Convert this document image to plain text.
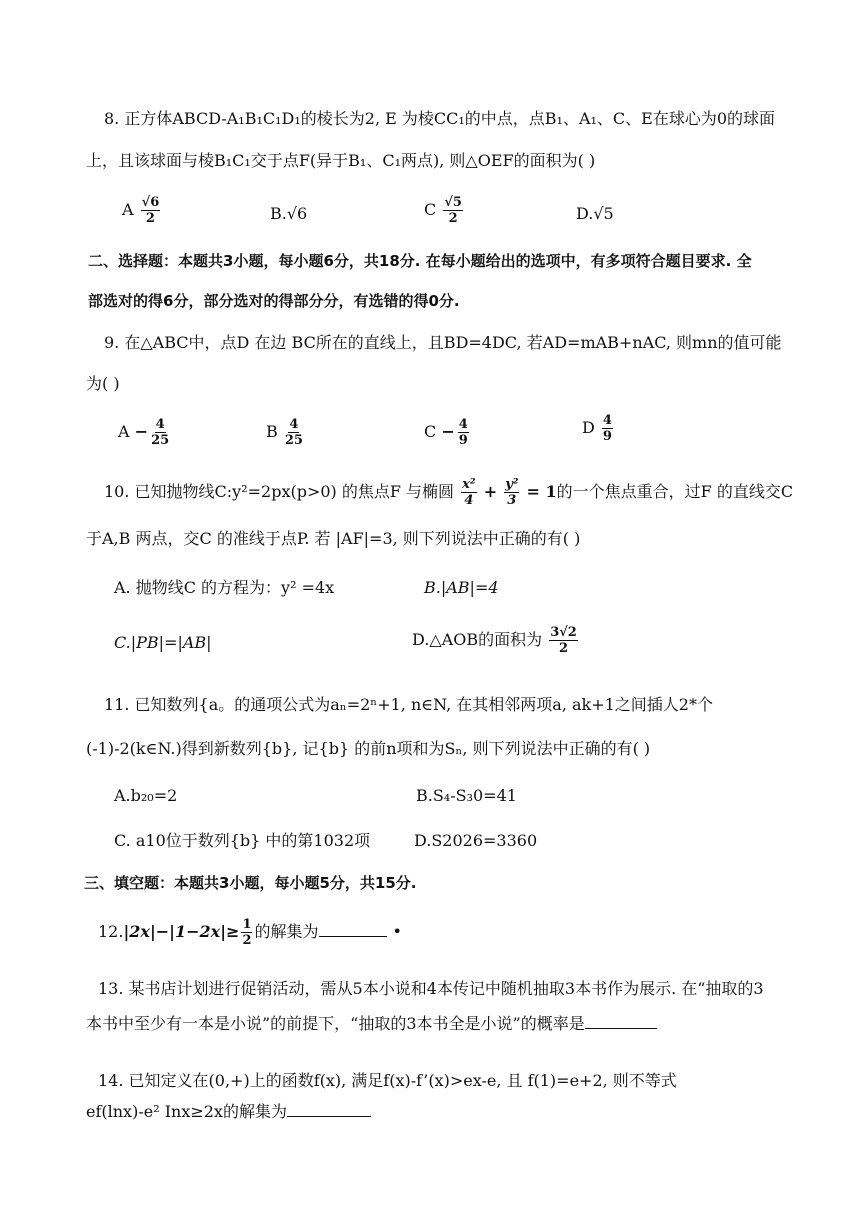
8. 正方体ABCD-A₁B₁C₁D₁的棱长为2, E 为棱CC₁的中点，点B₁、A₁、C、E在球心为0的球面
上，且该球面与棱B₁C₁交于点F(异于B₁、C₁两点), 则△OEF的面积为( )
A $\frac{√6}{2}$	B.√6	C $\frac{√5}{2}$	D.√5
二、选择题：本题共3小题，每小题6分，共18分. 在每小题给出的选项中，有多项符合题目要求. 全
部选对的得6分，部分选对的得部分分，有选错的得0分.
9. 在△ABC中，点D 在边 BC所在的直线上，且BD=4DC, 若AD=mAB+nAC, 则mn的值可能
为( )
$A - \frac{4}{25}$	B $\frac{4}{25}$	$C - \frac{4}{9}$	D $\frac{4}{9}$
10. 已知抛物线C:y²=2px(p>0) 的焦点F 与椭圆 $\frac{\text{x²}}{4} + \frac{\text{y²}}{3} = 1$的一个焦点重合，过F 的直线交C
于A,B 两点，交C 的准线于点P. 若 |AF|=3, 则下列说法中正确的有( )
A. 抛物线C 的方程为：y² =4x	B.|AB|=4
C.|PB|=|AB|	D.△AOB的面积为 $\frac{3√2}{2}$
11. 已知数列{a。的通项公式为aₙ=2ⁿ+1, n∈N, 在其相邻两项a, ak+1之间插人2*个
(-1)-2(k∈N.)得到新数列{b}, 记{b} 的前n项和为Sₙ, 则下列说法中正确的有( )
A.b₂₀=2	B.S₄-S₃0=41
C. a10位于数列{b} 中的第1032项	D.S2026=3360
三、填空题：本题共3小题，每小题5分，共15分.
$12.|2x|-|1-2x|\ge \frac{1}{2}$ 的解集为	•
13. 某书店计划进行促销活动，需从5本小说和4本传记中随机抽取3本书作为展示. 在“抽取的3
本书中至少有一本是小说”的前提下，“抽取的3本书全是小说”的概率是
14. 已知定义在(0,+)上的函数f(x), 满足f(x)-f’(x)>ex-e, 且 f(1)=e+2, 则不等式
ef(lnx)-e² Inx≥2x的解集为
